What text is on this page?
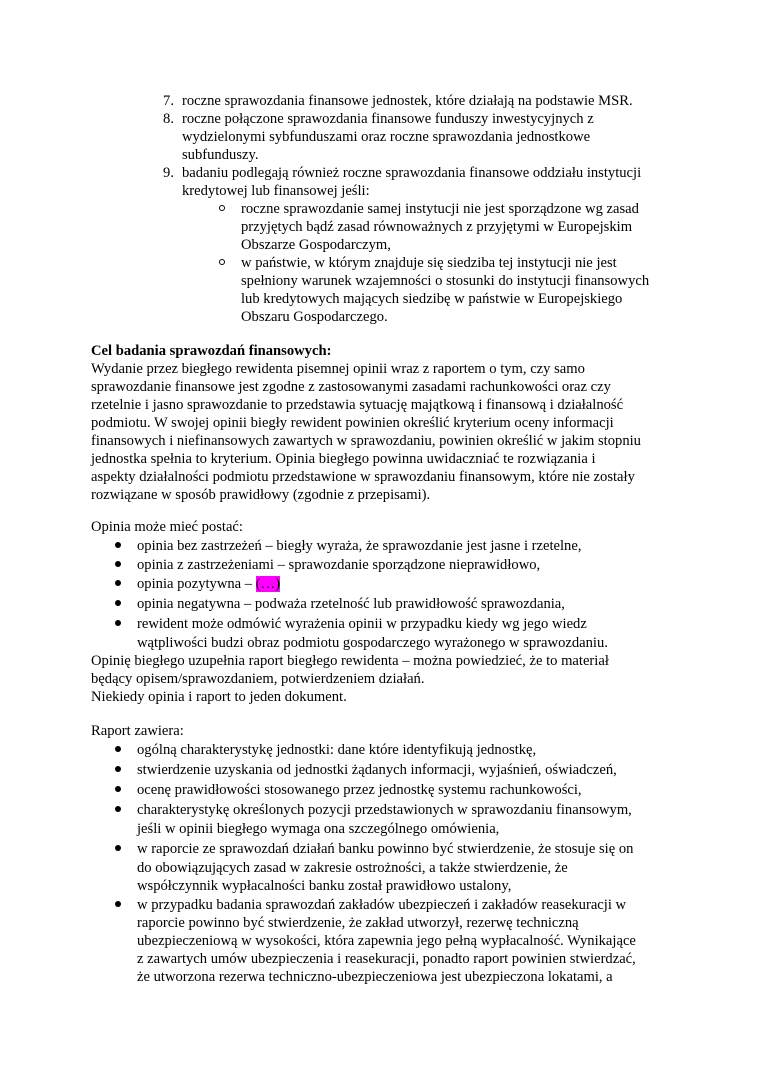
7. roczne sprawozdania finansowe jednostek, które działają na podstawie MSR.
8. roczne połączone sprawozdania finansowe funduszy inwestycyjnych z
wydzielonymi sybfunduszami oraz roczne sprawozdania jednostkowe
subfunduszy.
9. badaniu podlegają również roczne sprawozdania finansowe oddziału instytucji
kredytowej lub finansowej jeśli:
roczne sprawozdanie samej instytucji nie jest sporządzone wg zasad
przyjętych bądź zasad równoważnych z przyjętymi w Europejskim
Obszarze Gospodarczym,
w państwie, w którym znajduje się siedziba tej instytucji nie jest
spełniony warunek wzajemności o stosunki do instytucji finansowych
lub kredytowych mających siedzibę w państwie w Europejskiego
Obszaru Gospodarczego.
Cel badania sprawozdań finansowych:
Wydanie przez biegłego rewidenta pisemnej opinii wraz z raportem o tym, czy samo
sprawozdanie finansowe jest zgodne z zastosowanymi zasadami rachunkowości oraz czy
rzetelnie i jasno sprawozdanie to przedstawia sytuację majątkową i finansową i działalność
podmiotu. W swojej opinii biegły rewident powinien określić kryterium oceny informacji
finansowych i niefinansowych zawartych w sprawozdaniu, powinien określić w jakim stopniu
jednostka spełnia to kryterium. Opinia biegłego powinna uwidaczniać te rozwiązania i
aspekty działalności podmiotu przedstawione w sprawozdaniu finansowym, które nie zostały
rozwiązane w sposób prawidłowy (zgodnie z przepisami).
Opinia może mieć postać:
opinia bez zastrzeżeń – biegły wyraża, że sprawozdanie jest jasne i rzetelne,
opinia z zastrzeżeniami – sprawozdanie sporządzone nieprawidłowo,
opinia pozytywna – (…)
opinia negatywna – podważa rzetelność lub prawidłowość sprawozdania,
rewident może odmówić wyrażenia opinii w przypadku kiedy wg jego wiedz
wątpliwości budzi obraz podmiotu gospodarczego wyrażonego w sprawozdaniu.
Opinię biegłego uzupełnia raport biegłego rewidenta – można powiedzieć, że to materiał
będący opisem/sprawozdaniem, potwierdzeniem działań.
Niekiedy opinia i raport to jeden dokument.
Raport zawiera:
ogólną charakterystykę jednostki: dane które identyfikują jednostkę,
stwierdzenie uzyskania od jednostki żądanych informacji, wyjaśnień, oświadczeń,
ocenę prawidłowości stosowanego przez jednostkę systemu rachunkowości,
charakterystykę określonych pozycji przedstawionych w sprawozdaniu finansowym,
jeśli w opinii biegłego wymaga ona szczególnego omówienia,
w raporcie ze sprawozdań działań banku powinno być stwierdzenie, że stosuje się on
do obowiązujących zasad w zakresie ostrożności, a także stwierdzenie, że
współczynnik wypłacalności banku został prawidłowo ustalony,
w przypadku badania sprawozdań zakładów ubezpieczeń i zakładów reasekuracji w
raporcie powinno być stwierdzenie, że zakład utworzył, rezerwę techniczną
ubezpieczeniową w wysokości, która zapewnia jego pełną wypłacalność. Wynikające
z zawartych umów ubezpieczenia i reasekuracji, ponadto raport powinien stwierdzać,
że utworzona rezerwa techniczno-ubezpieczeniowa jest ubezpieczona lokatami, a
